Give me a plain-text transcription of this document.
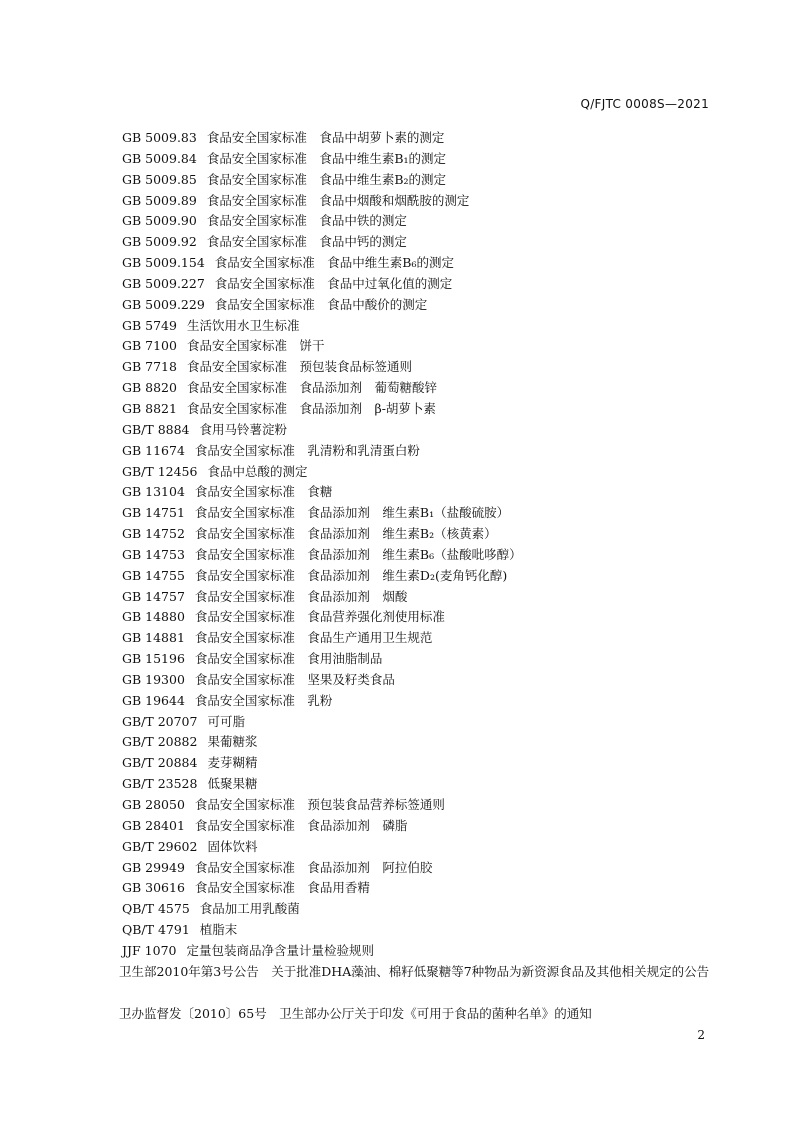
Q/FJTC 0008S—2021
GB 5009.83 食品安全国家标准　食品中胡萝卜素的测定
GB 5009.84 食品安全国家标准　食品中维生素B₁的测定
GB 5009.85 食品安全国家标准　食品中维生素B₂的测定
GB 5009.89 食品安全国家标准　食品中烟酸和烟酰胺的测定
GB 5009.90 食品安全国家标准　食品中铁的测定
GB 5009.92 食品安全国家标准　食品中钙的测定
GB 5009.154 食品安全国家标准　食品中维生素B₆的测定
GB 5009.227 食品安全国家标准　食品中过氧化值的测定
GB 5009.229 食品安全国家标准　食品中酸价的测定
GB 5749 生活饮用水卫生标准
GB 7100 食品安全国家标准　饼干
GB 7718 食品安全国家标准　预包装食品标签通则
GB 8820 食品安全国家标准　食品添加剂　葡萄糖酸锌
GB 8821 食品安全国家标准　食品添加剂　β-胡萝卜素
GB/T 8884 食用马铃薯淀粉
GB 11674 食品安全国家标准　乳清粉和乳清蛋白粉
GB/T 12456 食品中总酸的测定
GB 13104 食品安全国家标准　食糖
GB 14751 食品安全国家标准　食品添加剂　维生素B₁（盐酸硫胺）
GB 14752 食品安全国家标准　食品添加剂　维生素B₂（核黄素）
GB 14753 食品安全国家标准　食品添加剂　维生素B₆（盐酸吡哆醇）
GB 14755 食品安全国家标准　食品添加剂　维生素D₂(麦角钙化醇)
GB 14757 食品安全国家标准　食品添加剂　烟酸
GB 14880 食品安全国家标准　食品营养强化剂使用标准
GB 14881 食品安全国家标准　食品生产通用卫生规范
GB 15196 食品安全国家标准　食用油脂制品
GB 19300 食品安全国家标准　坚果及籽类食品
GB 19644 食品安全国家标准　乳粉
GB/T 20707 可可脂
GB/T 20882 果葡糖浆
GB/T 20884 麦芽糊精
GB/T 23528 低聚果糖
GB 28050 食品安全国家标准　预包装食品营养标签通则
GB 28401 食品安全国家标准　食品添加剂　磷脂
GB/T 29602 固体饮料
GB 29949 食品安全国家标准　食品添加剂　阿拉伯胶
GB 30616 食品安全国家标准　食品用香精
QB/T 4575 食品加工用乳酸菌
QB/T 4791 植脂末
JJF 1070 定量包装商品净含量计量检验规则
卫生部2010年第3号公告　关于批准DHA藻油、棉籽低聚糖等7种物品为新资源食品及其他相关规定的公告
卫办监督发〔2010〕65号　卫生部办公厅关于印发《可用于食品的菌种名单》的通知
2
